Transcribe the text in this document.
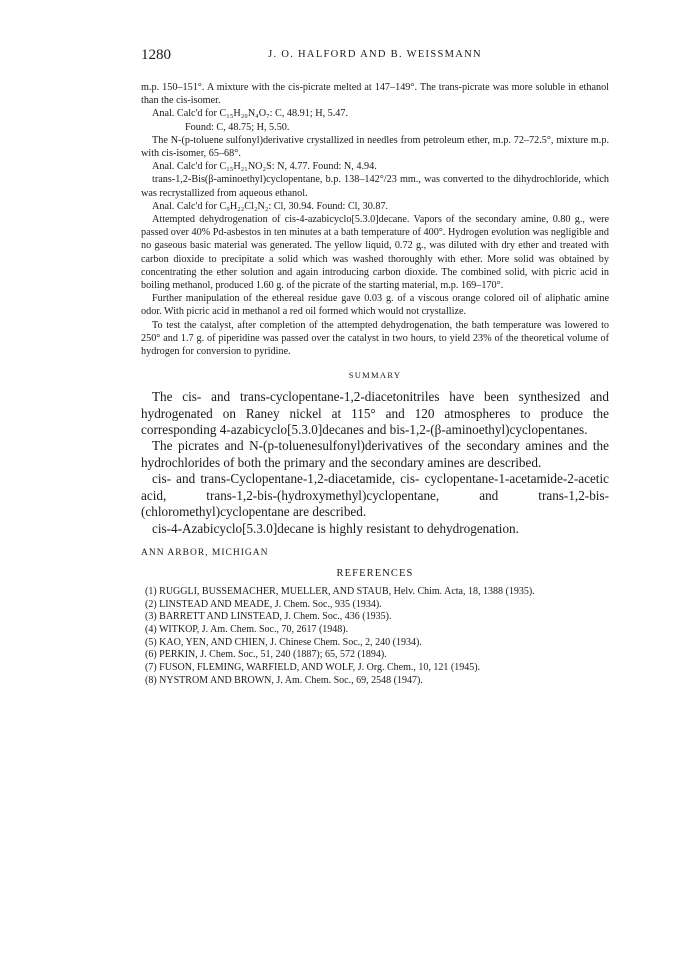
1280	J. O. HALFORD AND B. WEISSMANN

m.p. 150–151°. A mixture with the cis-picrate melted at 147–149°. The trans-picrate was more soluble in ethanol than the cis-isomer.

Anal. Calc'd for C₁₅H₂₀N₄O₇: C, 48.91; H, 5.47.

Found: C, 48.75; H, 5.50.

The N-(p-toluene sulfonyl)derivative crystallized in needles from petroleum ether, m.p. 72–72.5°, mixture m.p. with cis-isomer, 65–68°.

Anal. Calc'd for C₁₅H₂₁NO₂S: N, 4.77. Found: N, 4.94.

trans-1,2-Bis(β-aminoethyl)cyclopentane, b.p. 138–142°/23 mm., was converted to the dihydrochloride, which was recrystallized from aqueous ethanol.

Anal. Calc'd for C₉H₂₂Cl₂N₂: Cl, 30.94. Found: Cl, 30.87.

Attempted dehydrogenation of cis-4-azabicyclo[5.3.0]decane. Vapors of the secondary amine, 0.80 g., were passed over 40% Pd-asbestos in ten minutes at a bath temperature of 400°. Hydrogen evolution was negligible and no gaseous basic material was generated. The yellow liquid, 0.72 g., was diluted with dry ether and treated with carbon dioxide to precipitate a solid which was washed thoroughly with ether. More solid was obtained by concentrating the ether solution and again introducing carbon dioxide. The combined solid, with picric acid in boiling methanol, produced 1.60 g. of the picrate of the starting material, m.p. 169–170°.

Further manipulation of the ethereal residue gave 0.03 g. of a viscous orange colored oil of aliphatic amine odor. With picric acid in methanol a red oil formed which would not crystallize.

To test the catalyst, after completion of the attempted dehydrogenation, the bath temperature was lowered to 250° and 1.7 g. of piperidine was passed over the catalyst in two hours, to yield 23% of the theoretical volume of hydrogen for conversion to pyridine.

SUMMARY

The cis- and trans-cyclopentane-1,2-diacetonitriles have been synthesized and hydrogenated on Raney nickel at 115° and 120 atmospheres to produce the corresponding 4-azabicyclo[5.3.0]decanes and bis-1,2-(β-aminoethyl)cyclopentanes.

The picrates and N-(p-toluenesulfonyl)derivatives of the secondary amines and the hydrochlorides of both the primary and the secondary amines are described.

cis- and trans-Cyclopentane-1,2-diacetamide, cis- cyclopentane-1-acetamide-2-acetic acid, trans-1,2-bis-(hydroxymethyl)cyclopentane, and trans-1,2-bis-(chloromethyl)cyclopentane are described.

cis-4-Azabicyclo[5.3.0]decane is highly resistant to dehydrogenation.

ANN ARBOR, MICHIGAN
REFERENCES
(1) RUGGLI, BUSSEMACHER, MUELLER, AND STAUB, Helv. Chim. Acta, 18, 1388 (1935).
(2) LINSTEAD AND MEADE, J. Chem. Soc., 935 (1934).
(3) BARRETT AND LINSTEAD, J. Chem. Soc., 436 (1935).
(4) WITKOP, J. Am. Chem. Soc., 70, 2617 (1948).
(5) KAO, YEN, AND CHIEN, J. Chinese Chem. Soc., 2, 240 (1934).
(6) PERKIN, J. Chem. Soc., 51, 240 (1887); 65, 572 (1894).
(7) FUSON, FLEMING, WARFIELD, AND WOLF, J. Org. Chem., 10, 121 (1945).
(8) NYSTROM AND BROWN, J. Am. Chem. Soc., 69, 2548 (1947).
